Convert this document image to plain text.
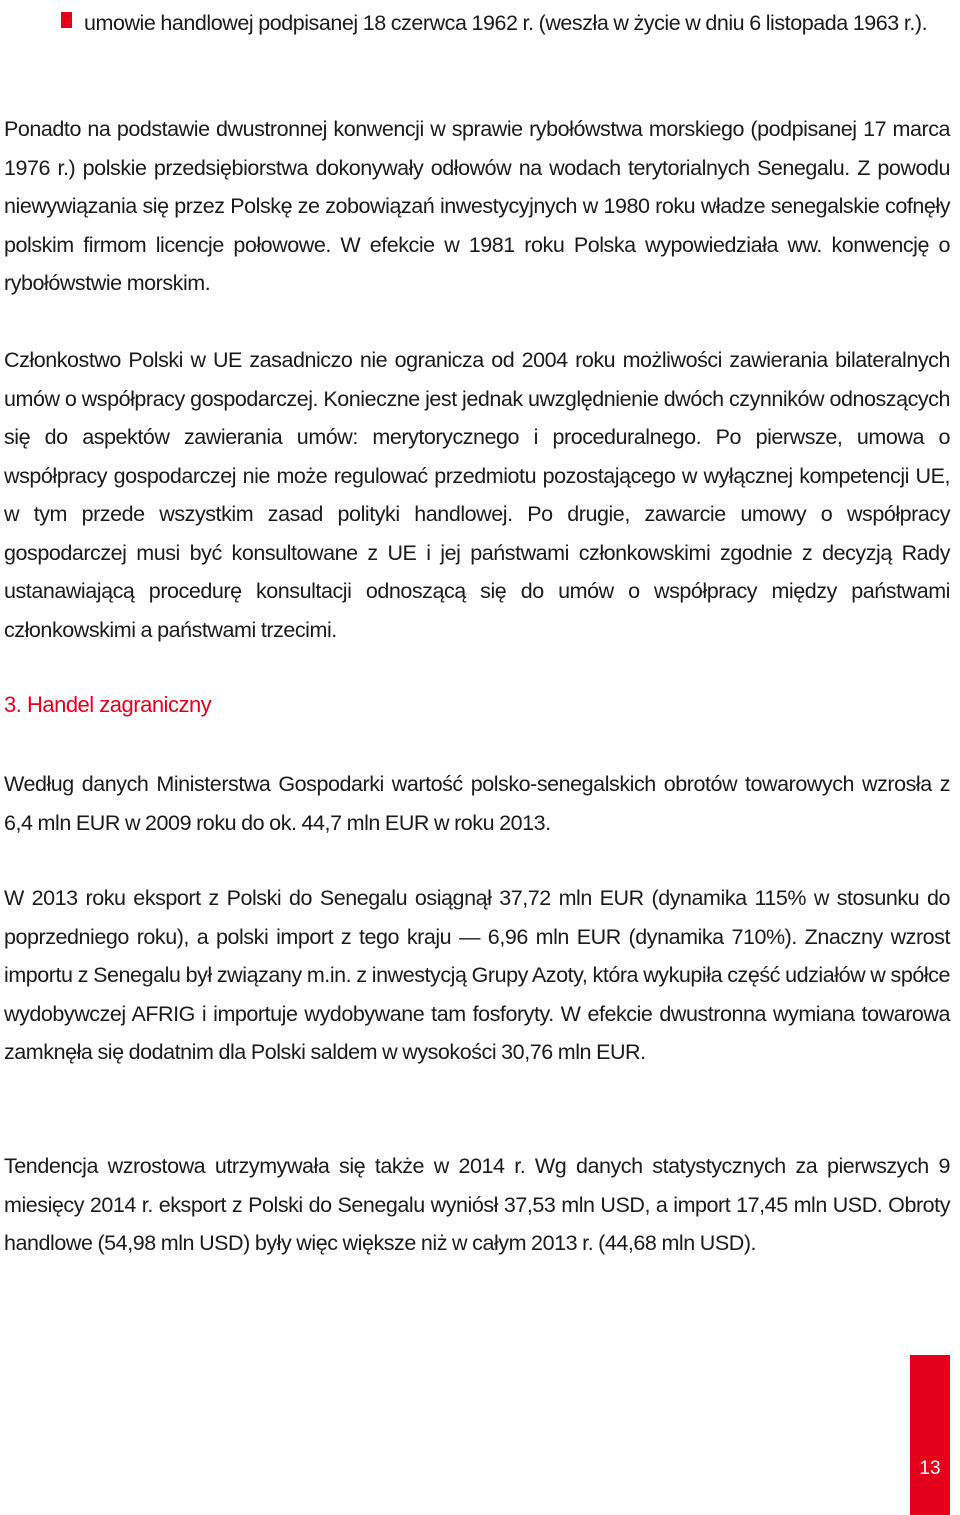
umowie handlowej podpisanej 18 czerwca 1962 r. (weszła w życie w dniu 6 listopada 1963 r.).

Ponadto na podstawie dwustronnej konwencji w sprawie rybołówstwa morskiego (podpisanej 17 marca 1976 r.) polskie przedsiębiorstwa dokonywały odłowów na wodach terytorialnych Senegalu. Z powodu niewywiązania się przez Polskę ze zobowiązań inwestycyjnych w 1980 roku władze senegalskie cofnęły polskim firmom licencje połowowe. W efekcie w 1981 roku Polska wypowiedziała ww. konwencję o rybołówstwie morskim.

Członkostwo Polski w UE zasadniczo nie ogranicza od 2004 roku możliwości zawierania bilateralnych umów o współpracy gospodarczej. Konieczne jest jednak uwzględnienie dwóch czynników odnoszących się do aspektów zawierania umów: merytorycznego i proceduralnego. Po pierwsze, umowa o współpracy gospodarczej nie może regulować przedmiotu pozostającego w wyłącznej kompetencji UE, w tym przede wszystkim zasad polityki handlowej. Po drugie, zawarcie umowy o współpracy gospodarczej musi być konsultowane z UE i jej państwami członkowskimi zgodnie z decyzją Rady ustanawiającą procedurę konsultacji odnoszącą się do umów o współpracy między państwami członkowskimi a państwami trzecimi.

3. Handel zagraniczny

Według danych Ministerstwa Gospodarki wartość polsko-senegalskich obrotów towarowych wzrosła z 6,4 mln EUR w 2009 roku do ok. 44,7 mln EUR w roku 2013.

W 2013 roku eksport z Polski do Senegalu osiągnął 37,72 mln EUR (dynamika 115% w stosunku do poprzedniego roku), a polski import z tego kraju — 6,96 mln EUR (dynamika 710%). Znaczny wzrost importu z Senegalu był związany m.in. z inwestycją Grupy Azoty, która wykupiła część udziałów w spółce wydobywczej AFRIG i importuje wydobywane tam fosforyty. W efekcie dwustronna wymiana towarowa zamknęła się dodatnim dla Polski saldem w wysokości 30,76 mln EUR.

Tendencja wzrostowa utrzymywała się także w 2014 r. Wg danych statystycznych za pierwszych 9 miesięcy 2014 r. eksport z Polski do Senegalu wyniósł 37,53 mln USD, a import 17,45 mln USD. Obroty handlowe (54,98 mln USD) były więc większe niż w całym 2013 r. (44,68 mln USD).

13
